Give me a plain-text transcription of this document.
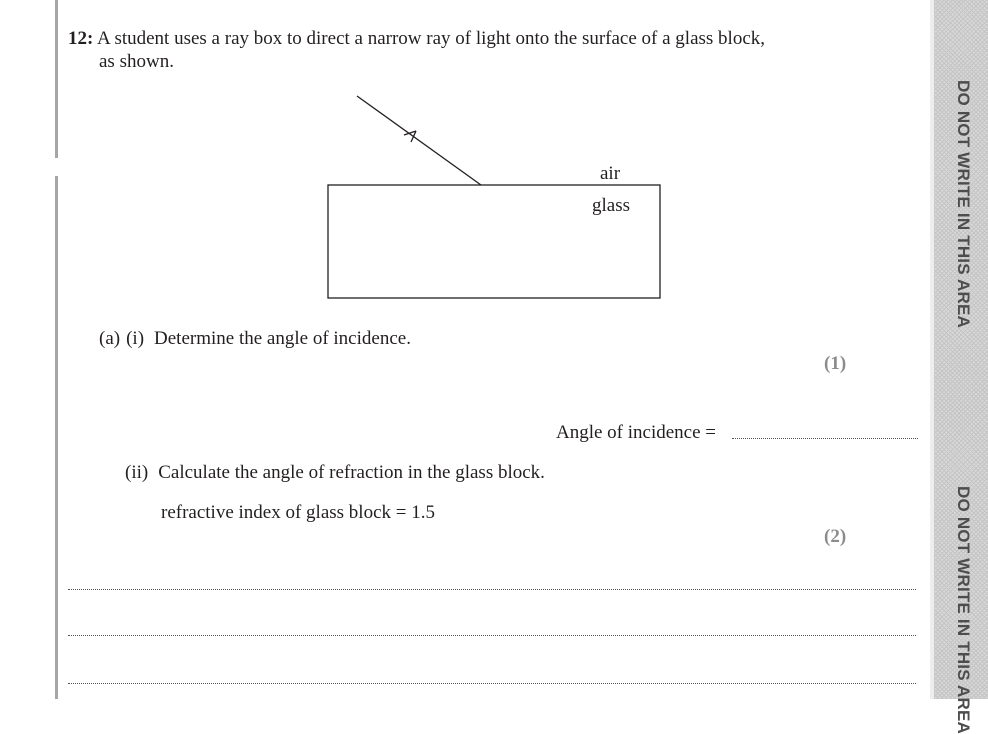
12: A student uses a ray box to direct a narrow ray of light onto the surface of a glass block,
as shown.
air
glass
(a) (i) Determine the angle of incidence.
(1)
Angle of incidence =
(ii) Calculate the angle of refraction in the glass block.
refractive index of glass block = 1.5
(2)
DO NOT WRITE IN THIS AREA
DO NOT WRITE IN THIS AREA
